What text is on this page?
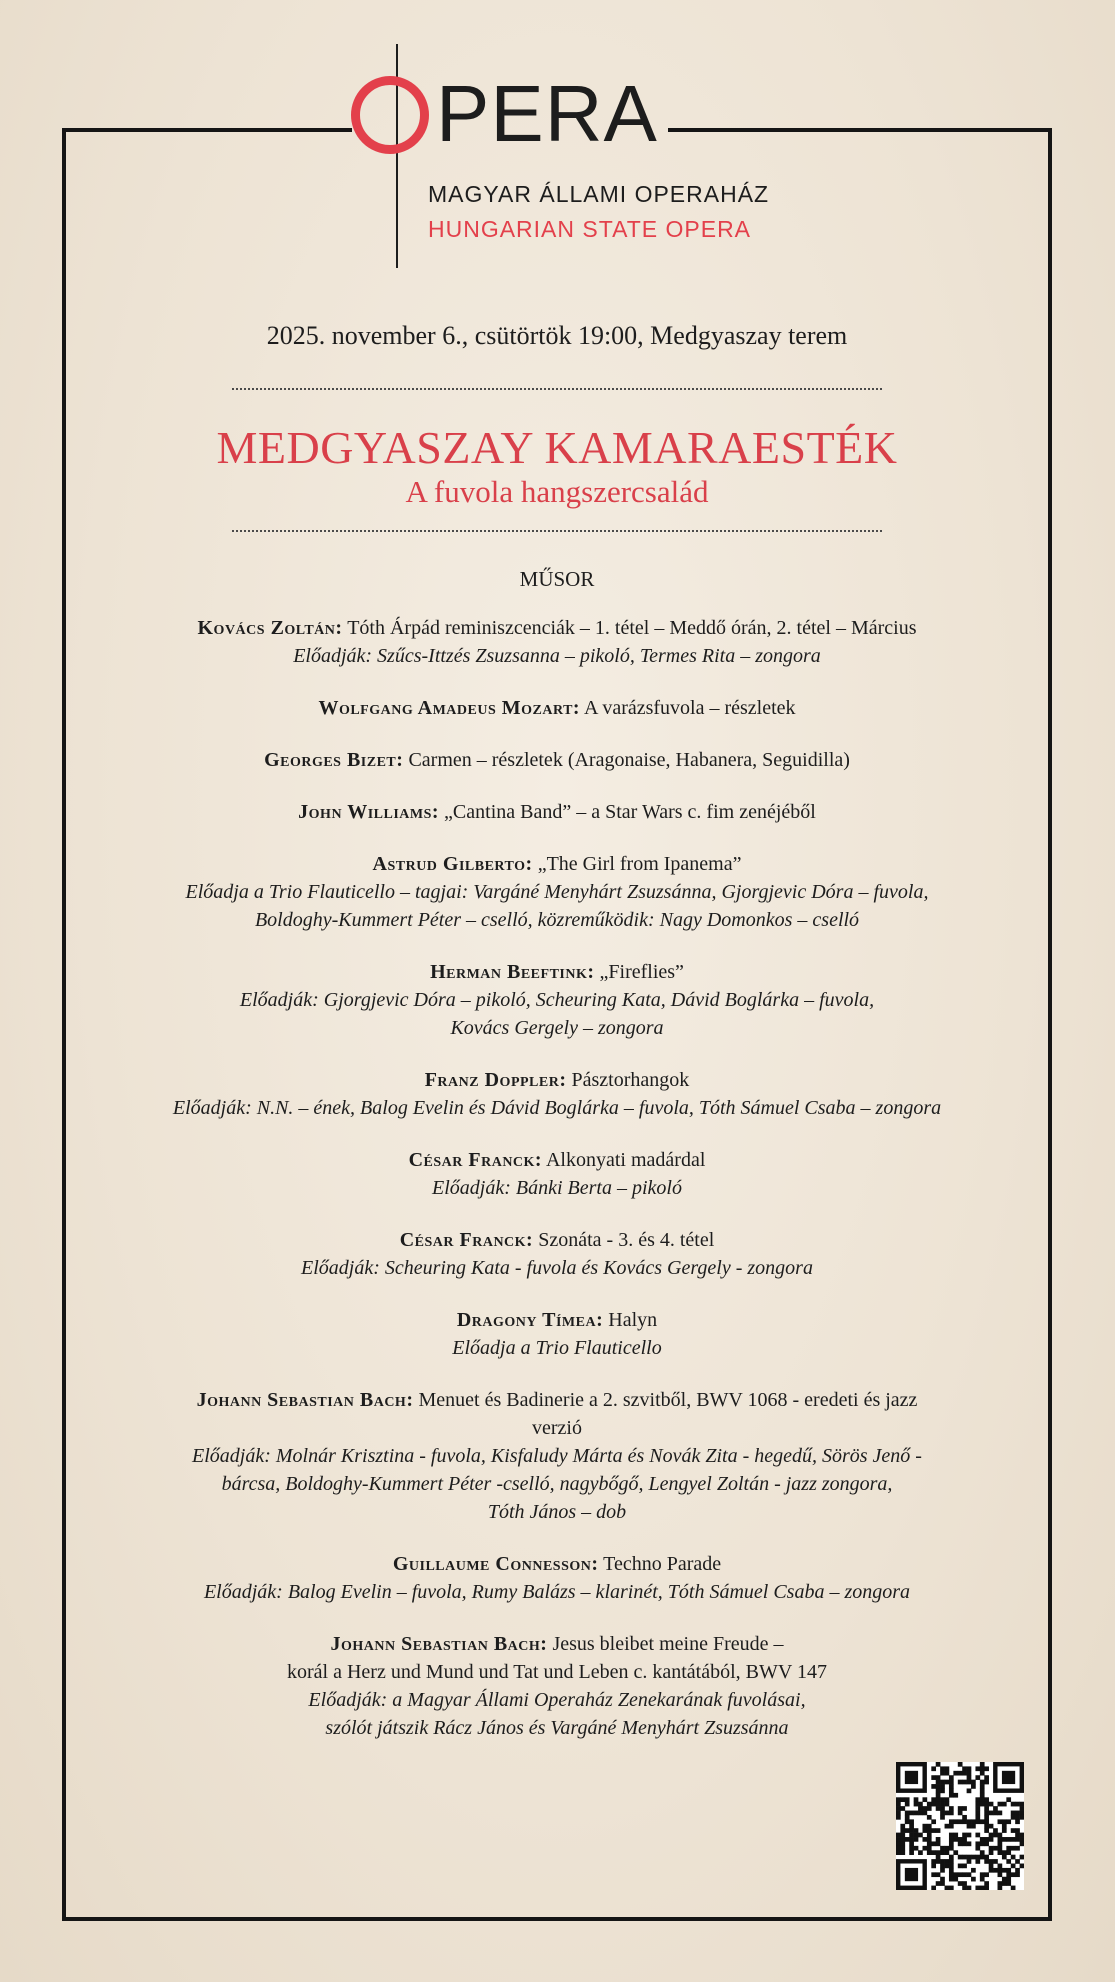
PERA
MAGYAR ÁLLAMI OPERAHÁZ
HUNGARIAN STATE OPERA
2025. november 6., csütörtök 19:00, Medgyaszay terem
MEDGYASZAY KAMARAESTÉK
A fuvola hangszercsalád
MŰSOR
Kovács Zoltán: Tóth Árpád reminiszcenciák – 1. tétel – Meddő órán, 2. tétel – Március
Előadják: Szűcs-Ittzés Zsuzsanna – pikoló, Termes Rita – zongora
Wolfgang Amadeus Mozart: A varázsfuvola – részletek
Georges Bizet: Carmen – részletek (Aragonaise, Habanera, Seguidilla)
John Williams: „Cantina Band” – a Star Wars c. fim zenéjéből
Astrud Gilberto: „The Girl from Ipanema”
Előadja a Trio Flauticello – tagjai: Vargáné Menyhárt Zsuzsánna, Gjorgjevic Dóra – fuvola,
Boldoghy-Kummert Péter – cselló, közreműködik: Nagy Domonkos – cselló
Herman Beeftink: „Fireflies”
Előadják: Gjorgjevic Dóra – pikoló, Scheuring Kata, Dávid Boglárka – fuvola,
Kovács Gergely – zongora
Franz Doppler: Pásztorhangok
Előadják: N.N. – ének, Balog Evelin és Dávid Boglárka – fuvola, Tóth Sámuel Csaba – zongora
César Franck: Alkonyati madárdal
Előadják: Bánki Berta – pikoló
César Franck: Szonáta - 3. és 4. tétel
Előadják: Scheuring Kata - fuvola és Kovács Gergely - zongora
Dragony Tímea: Halyn
Előadja a Trio Flauticello
Johann Sebastian Bach: Menuet és Badinerie a 2. szvitből, BWV 1068 - eredeti és jazz
verzió
Előadják: Molnár Krisztina - fuvola, Kisfaludy Márta és Novák Zita - hegedű, Sörös Jenő -
bárcsa, Boldoghy-Kummert Péter -cselló, nagybőgő, Lengyel Zoltán - jazz zongora,
Tóth János – dob
Guillaume Connesson: Techno Parade
Előadják: Balog Evelin – fuvola, Rumy Balázs – klarinét, Tóth Sámuel Csaba – zongora
Johann Sebastian Bach: Jesus bleibet meine Freude –
korál a Herz und Mund und Tat und Leben c. kantátából, BWV 147
Előadják: a Magyar Állami Operaház Zenekarának fuvolásai,
szólót játszik Rácz János és Vargáné Menyhárt Zsuzsánna
